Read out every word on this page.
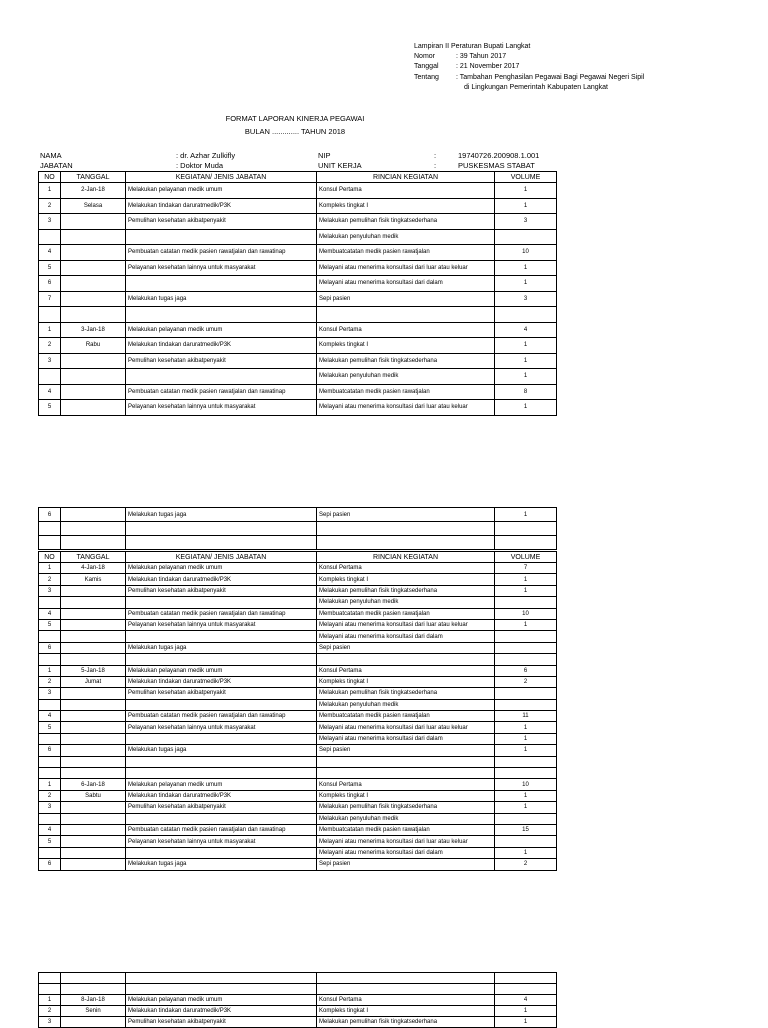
Lampiran II Peraturan Bupati Langkat
Nomor	: 39 Tahun 2017
Tanggal	: 21 November 2017
Tentang	: Tambahan Penghasilan Pegawai Bagi Pegawai Negeri Sipil
di Lingkungan Pemerintah Kabupaten Langkat
FORMAT LAPORAN KINERJA PEGAWAI
BULAN ............. TAHUN 2018
NAMA	: dr. Azhar Zulkifly
JABATAN	: Doktor Muda
NIP	:	19740726.200908.1.001
UNIT KERJA	:	PUSKESMAS STABAT
NO	TANGGAL	KEGIATAN/ JENIS JABATAN	RINCIAN KEGIATAN	VOLUME
1	2-Jan-18	Melakukan pelayanan medik umum	Konsul Pertama	1
2	Selasa	Melakukan tindakan daruratmedik/P3K	Kompleks tingkat I	1
3		Pemulihan kesehatan akibatpenyakit	Melakukan pemulihan fisik tingkatsederhana	3
			Melakukan penyuluhan medik	
4		Pembuatan catatan medik pasien rawatjalan dan rawatinap	Membuatcatatan medik pasien rawatjalan	10
5		Pelayanan kesehatan lainnya untuk masyarakat	Melayani atau menerima konsultasi dari luar atau keluar	1
6			Melayani atau menerima konsultasi dari dalam	1
7		Melakukan tugas jaga	Sepi pasien	3

1	3-Jan-18	Melakukan pelayanan medik umum	Konsul Pertama	4
2	Rabu	Melakukan tindakan daruratmedik/P3K	Kompleks tingkat I	1
3		Pemulihan kesehatan akibatpenyakit	Melakukan pemulihan fisik tingkatsederhana	1
			Melakukan penyuluhan medik	1
4		Pembuatan catatan medik pasien rawatjalan dan rawatinap	Membuatcatatan medik pasien rawatjalan	8
5		Pelayanan kesehatan lainnya untuk masyarakat	Melayani atau menerima konsultasi dari luar atau keluar	1
6		Melakukan tugas jaga	Sepi pasien	1

NO	TANGGAL	KEGIATAN/ JENIS JABATAN	RINCIAN KEGIATAN	VOLUME
1	4-Jan-18	Melakukan pelayanan medik umum	Konsul Pertama	7
2	Kamis	Melakukan tindakan daruratmedik/P3K	Kompleks tingkat I	1
3		Pemulihan kesehatan akibatpenyakit	Melakukan pemulihan fisik tingkatsederhana	1
			Melakukan penyuluhan medik	
4		Pembuatan catatan medik pasien rawatjalan dan rawatinap	Membuatcatatan medik pasien rawatjalan	10
5		Pelayanan kesehatan lainnya untuk masyarakat	Melayani atau menerima konsultasi dari luar atau keluar	1
			Melayani atau menerima konsultasi dari dalam	
6		Melakukan tugas jaga	Sepi pasien	

1	5-Jan-18	Melakukan pelayanan medik umum	Konsul Pertama	6
2	Jumat	Melakukan tindakan daruratmedik/P3K	Kompleks tingkat I	2
3		Pemulihan kesehatan akibatpenyakit	Melakukan pemulihan fisik tingkatsederhana	
			Melakukan penyuluhan medik	
4		Pembuatan catatan medik pasien rawatjalan dan rawatinap	Membuatcatatan medik pasien rawatjalan	11
5		Pelayanan kesehatan lainnya untuk masyarakat	Melayani atau menerima konsultasi dari luar atau keluar	1
			Melayani atau menerima konsultasi dari dalam	1
6		Melakukan tugas jaga	Sepi pasien	1

1	6-Jan-18	Melakukan pelayanan medik umum	Konsul Pertama	10
2	Sabtu	Melakukan tindakan daruratmedik/P3K	Kompleks tingkat I	1
3		Pemulihan kesehatan akibatpenyakit	Melakukan pemulihan fisik tingkatsederhana	1
			Melakukan penyuluhan medik	
4		Pembuatan catatan medik pasien rawatjalan dan rawatinap	Membuatcatatan medik pasien rawatjalan	15
5		Pelayanan kesehatan lainnya untuk masyarakat	Melayani atau menerima konsultasi dari luar atau keluar	
			Melayani atau menerima konsultasi dari dalam	1
6		Melakukan tugas jaga	Sepi pasien	2

1	8-Jan-18	Melakukan pelayanan medik umum	Konsul Pertama	4
2	Senin	Melakukan tindakan daruratmedik/P3K	Kompleks tingkat I	1
3		Pemulihan kesehatan akibatpenyakit	Melakukan pemulihan fisik tingkatsederhana	1
